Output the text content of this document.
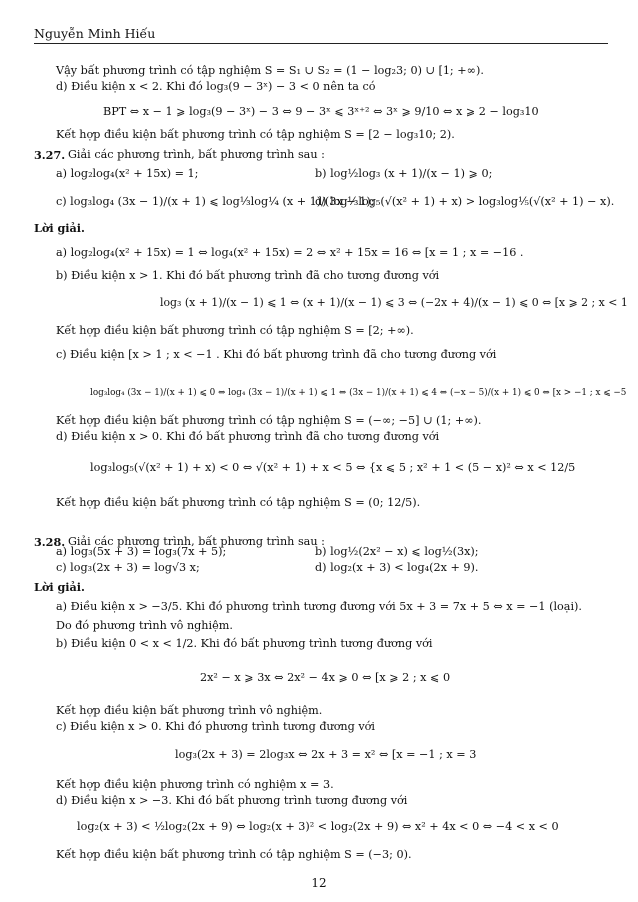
Nguyễn Minh Hiếu
Vậy bất phương trình có tập nghiệm S = S₁ ∪ S₂ = (1 − log₂3; 0) ∪ [1; +∞).
d) Điều kiện x < 2. Khi đó log₃(9 − 3ˣ) − 3 < 0 nên ta có
BPT ⇔ x − 1 ⩾ log₃(9 − 3ˣ) − 3 ⇔ 9 − 3ˣ ⩽ 3ˣ⁺² ⇔ 3ˣ ⩾ 9/10 ⇔ x ⩾ 2 − log₃10
Kết hợp điều kiện bất phương trình có tập nghiệm S = [2 − log₃10; 2).
3.27. Giải các phương trình, bất phương trình sau :
a) log₂log₄(x² + 15x) = 1;	b) log½log₃ (x + 1)/(x − 1) ⩾ 0;
c) log₃log₄ (3x − 1)/(x + 1) ⩽ log⅓log¼ (x + 1)/(3x − 1);
d) log⅓log₅(√(x² + 1) + x) > log₃log⅕(√(x² + 1) − x).
Lời giải.
a) log₂log₄(x² + 15x) = 1 ⇔ log₄(x² + 15x) = 2 ⇔ x² + 15x = 16 ⇔ [x = 1 ; x = −16 .
b) Điều kiện x > 1. Khi đó bất phương trình đã cho tương đương với
log₃ (x + 1)/(x − 1) ⩽ 1 ⇔ (x + 1)/(x − 1) ⩽ 3 ⇔ (−2x + 4)/(x − 1) ⩽ 0 ⇔ [x ⩾ 2 ; x < 1
Kết hợp điều kiện bất phương trình có tập nghiệm S = [2; +∞).
c) Điều kiện [x > 1 ; x < −1 . Khi đó bất phương trình đã cho tương đương với
log₃log₄ (3x − 1)/(x + 1) ⩽ 0 ⇔ log₄ (3x − 1)/(x + 1) ⩽ 1 ⇔ (3x − 1)/(x + 1) ⩽ 4 ⇔ (−x − 5)/(x + 1) ⩽ 0 ⇔ [x > −1 ; x ⩽ −5
Kết hợp điều kiện bất phương trình có tập nghiệm S = (−∞; −5] ∪ (1; +∞).
d) Điều kiện x > 0. Khi đó bất phương trình đã cho tương đương với
log₃log₅(√(x² + 1) + x) < 0 ⇔ √(x² + 1) + x < 5 ⇔ {x ⩽ 5 ; x² + 1 < (5 − x)² ⇔ x < 12/5
Kết hợp điều kiện bất phương trình có tập nghiệm S = (0; 12/5).
3.28. Giải các phương trình, bất phương trình sau :
a) log₃(5x + 3) = log₃(7x + 5);	b) log½(2x² − x) ⩽ log½(3x);
c) log₃(2x + 3) = log√3 x;	d) log₂(x + 3) < log₄(2x + 9).
Lời giải.
a) Điều kiện x > −3/5. Khi đó phương trình tương đương với 5x + 3 = 7x + 5 ⇔ x = −1 (loại).
Do đó phương trình vô nghiệm.
b) Điều kiện 0 < x < 1/2. Khi đó bất phương trình tương đương với
2x² − x ⩾ 3x ⇔ 2x² − 4x ⩾ 0 ⇔ [x ⩾ 2 ; x ⩽ 0
Kết hợp điều kiện bất phương trình vô nghiệm.
c) Điều kiện x > 0. Khi đó phương trình tương đương với
log₃(2x + 3) = 2log₃x ⇔ 2x + 3 = x² ⇔ [x = −1 ; x = 3
Kết hợp điều kiện phương trình có nghiệm x = 3.
d) Điều kiện x > −3. Khi đó bất phương trình tương đương với
log₂(x + 3) < ½log₂(2x + 9) ⇔ log₂(x + 3)² < log₂(2x + 9) ⇔ x² + 4x < 0 ⇔ −4 < x < 0
Kết hợp điều kiện bất phương trình có tập nghiệm S = (−3; 0).
12
